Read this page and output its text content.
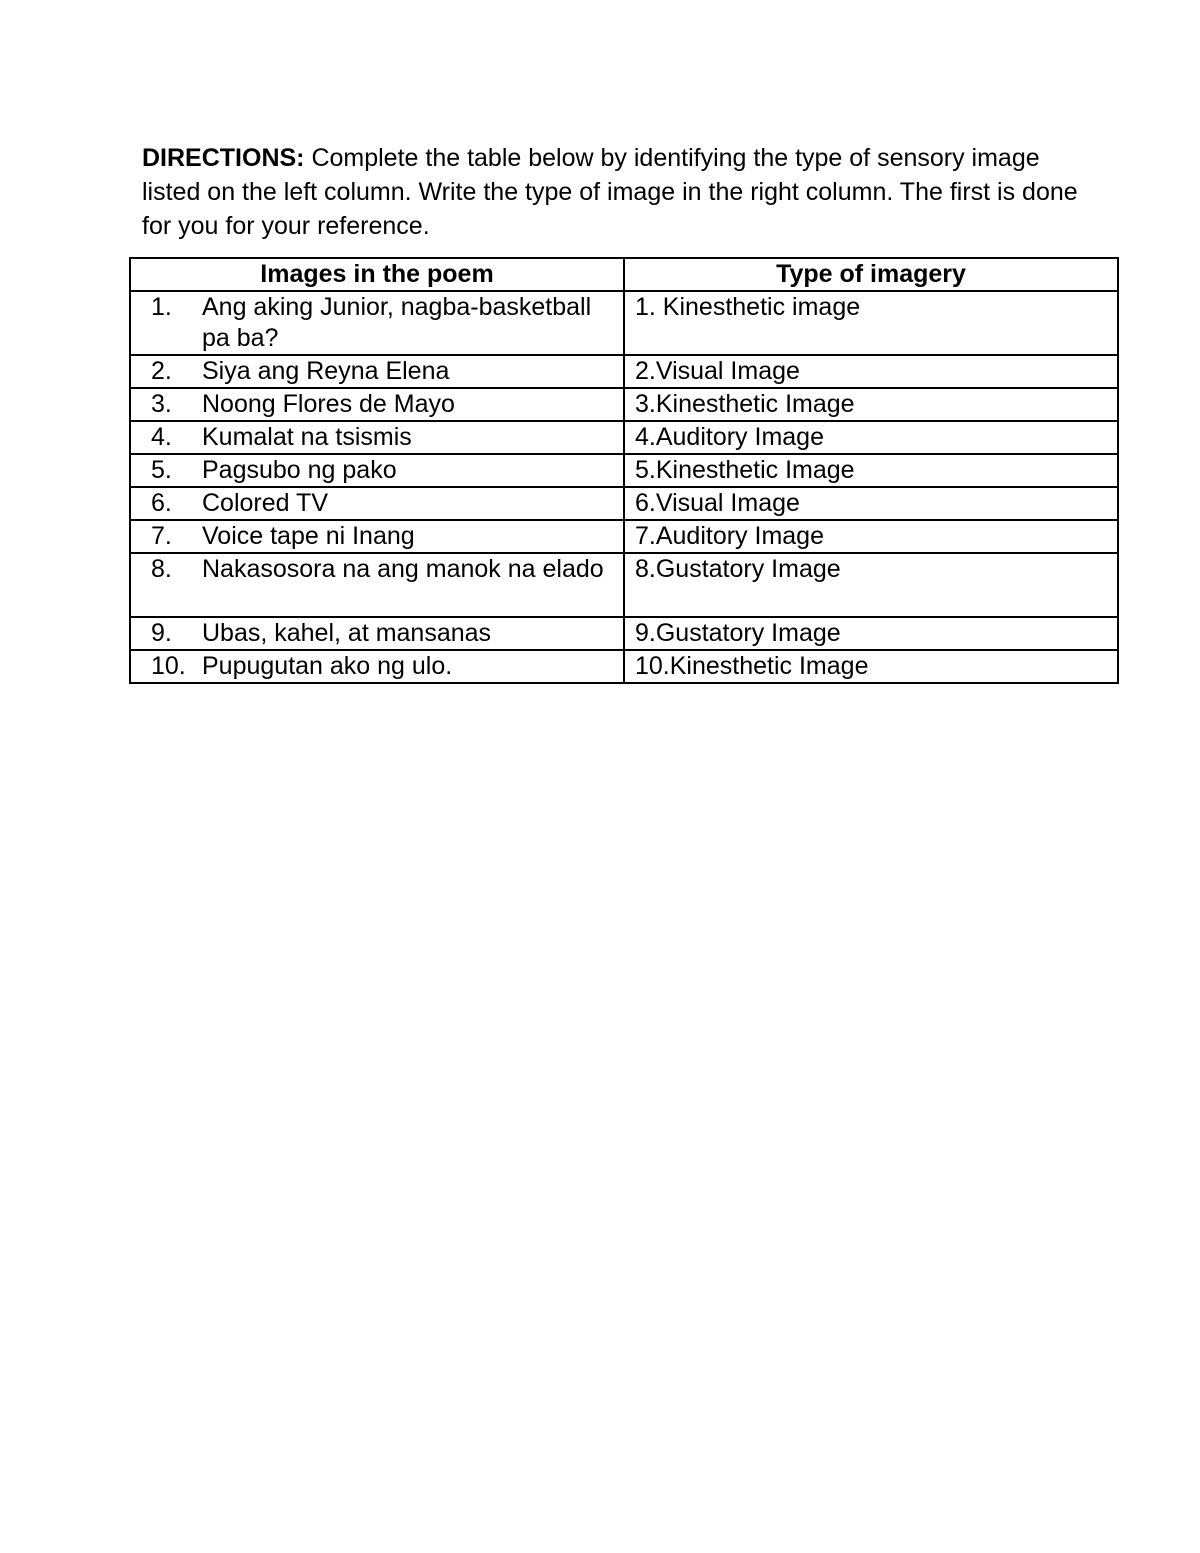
DIRECTIONS: Complete the table below by identifying the type of sensory image listed on the left column. Write the type of image in the right column. The first is done for you for your reference.

Images in the poem	Type of imagery

1. Ang aking Junior, nagba-basketball pa ba?	1. Kinesthetic image

2. Siya ang Reyna Elena	2.Visual Image

3. Noong Flores de Mayo	3.Kinesthetic Image

4. Kumalat na tsismis	4.Auditory Image

5. Pagsubo ng pako	5.Kinesthetic Image

6. Colored TV	6.Visual Image

7. Voice tape ni Inang	7.Auditory Image

8. Nakasosora na ang manok na elado	8.Gustatory Image

9. Ubas, kahel, at mansanas	9.Gustatory Image

10. Pupugutan ako ng ulo.	10.Kinesthetic Image
